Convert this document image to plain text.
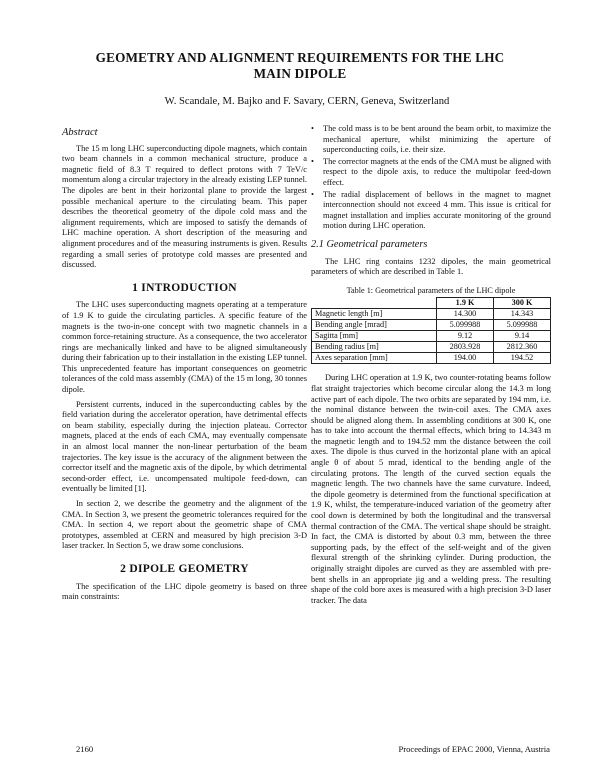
GEOMETRY AND ALIGNMENT REQUIREMENTS FOR THE LHC
MAIN DIPOLE

W. Scandale, M. Bajko and F. Savary, CERN, Geneva, Switzerland

Abstract

The 15 m long LHC superconducting dipole magnets, which contain two beam channels in a common mechanical structure, produce a magnetic field of 8.3 T required to deflect protons with 7 TeV/c momentum along a circular trajectory in the already existing LEP tunnel. The dipoles are bent in their horizontal plane to provide the largest possible mechanical aperture to the circulating beam. This paper describes the theoretical geometry of the dipole cold mass and the alignment requirements, which are imposed to satisfy the demands of LHC machine operation. A short description of the measuring and alignment procedures and of the measuring instruments is given. Results regarding a small series of prototype cold masses are presented and discussed.

1 INTRODUCTION

The LHC uses superconducting magnets operating at a temperature of 1.9 K to guide the circulating particles. A specific feature of the magnets is the two-in-one concept with two magnetic channels in a common force-retaining structure. As a consequence, the two accelerator rings are mechanically linked and have to be aligned simultaneously during their fabrication up to their installation in the existing LEP tunnel. This unprecedented feature has important consequences on geometric tolerances of the cold mass assembly (CMA) of the 15 m long, 30 tonnes dipole.

Persistent currents, induced in the superconducting cables by the field variation during the accelerator operation, have detrimental effects on beam stability, especially during the injection plateau. Corrector magnets, placed at the ends of each CMA, may eventually compensate in an almost local manner the non-linear perturbation of the beam trajectories. The key issue is the accuracy of the alignment between the corrector itself and the magnetic axis of the dipole, by which detrimental second-order effect, i.e. uncompensated multipole feed-down, can eventually be limited [1].

In section 2, we describe the geometry and the alignment of the CMA. In Section 3, we present the geometric tolerances required for the CMA. In section 4, we report about the geometric shape of CMA prototypes, assembled at CERN and measured by high precision 3-D laser tracker. In Section 5, we draw some conclusions.

2 DIPOLE GEOMETRY

The specification of the LHC dipole geometry is based on three main constraints:

• The cold mass is to be bent around the beam orbit, to maximize the mechanical aperture, whilst minimizing the aperture of superconducting coils, i.e. their size.
• The corrector magnets at the ends of the CMA must be aligned with respect to the dipole axis, to reduce the multipolar feed-down effect.
• The radial displacement of bellows in the magnet to magnet interconnection should not exceed 4 mm. This issue is critical for magnet installation and implies accurate monitoring of the ground motion during LHC operation.
2.1 Geometrical parameters

The LHC ring contains 1232 dipoles, the main geometrical parameters of which are described in Table 1.

Table 1: Geometrical parameters of the LHC dipole
	1.9 K	300 K
Magnetic length [m]	14.300	14.343
Bending angle [mrad]	5.099988	5.099988
Sagitta [mm]	9.12	9.14
Bending radius [m]	2803.928	2812.360
Axes separation [mm]	194.00	194.52

During LHC operation at 1.9 K, two counter-rotating beams follow flat straight trajectories which become circular along the 14.3 m long active part of each dipole. The two orbits are separated by 194 mm, i.e. the nominal distance between the twin-coil axes. The CMA axes should be aligned along them. In assembling conditions at 300 K, one has to take into account the thermal effects, which bring to 14.343 m the magnetic length and to 194.52 mm the distance between the coil axes. The dipole is thus curved in the horizontal plane with an apical angle θ of about 5 mrad, identical to the bending angle of the circulating protons. The length of the curved section equals the magnetic length. The two channels have the same curvature. Indeed, the dipole geometry is determined from the functional specification at 1.9 K, whilst, the temperature-induced variation of the geometry after cool down is determined by both the longitudinal and the transversal thermal contraction of the CMA. The vertical shape should be straight. In fact, the CMA is distorted by about 0.3 mm, between the three supporting pads, by the effect of the self-weight and of the given flexural strength of the shrinking cylinder. During production, the originally straight dipoles are curved as they are assembled with pre-bent shells in an appropriate jig and a welding press. The resulting shape of the cold bore axes is measured with a high precision 3-D laser tracker. The data

2160	Proceedings of EPAC 2000, Vienna, Austria
